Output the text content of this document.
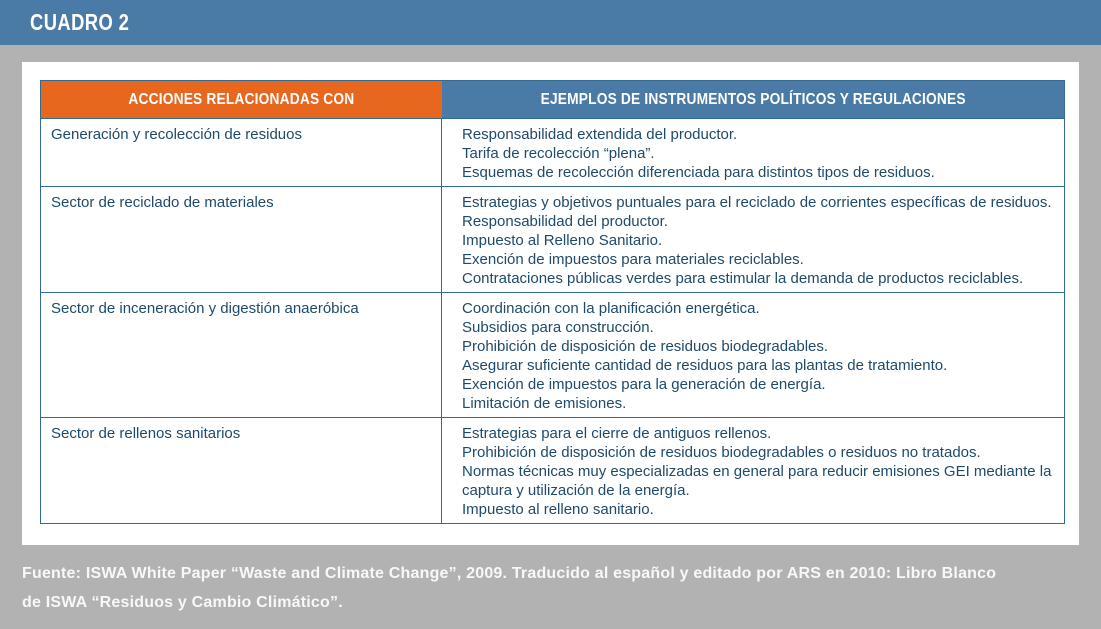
CUADRO 2
ACCIONES RELACIONADAS CON	EJEMPLOS DE INSTRUMENTOS POLÍTICOS Y REGULACIONES
Generación y recolección de residuos	Responsabilidad extendida del productor.
Tarifa de recolección “plena”.
Esquemas de recolección diferenciada para distintos tipos de residuos.
Sector de reciclado de materiales	Estrategias y objetivos puntuales para el reciclado de corrientes específicas de residuos.
Responsabilidad del productor.
Impuesto al Relleno Sanitario.
Exención de impuestos para materiales reciclables.
Contrataciones públicas verdes para estimular la demanda de productos reciclables.
Sector de inceneración y digestión anaeróbica	Coordinación con la planificación energética.
Subsidios para construcción.
Prohibición de disposición de residuos biodegradables.
Asegurar suficiente cantidad de residuos para las plantas de tratamiento.
Exención de impuestos para la generación de energía.
Limitación de emisiones.
Sector de rellenos sanitarios	Estrategias para el cierre de antiguos rellenos.
Prohibición de disposición de residuos biodegradables o residuos no tratados.
Normas técnicas muy especializadas en general para reducir emisiones GEI mediante la captura y utilización de la energía.
Impuesto al relleno sanitario.
Fuente: ISWA White Paper “Waste and Climate Change”, 2009. Traducido al español y editado por ARS en 2010: Libro Blanco
de ISWA “Residuos y Cambio Climático”.
